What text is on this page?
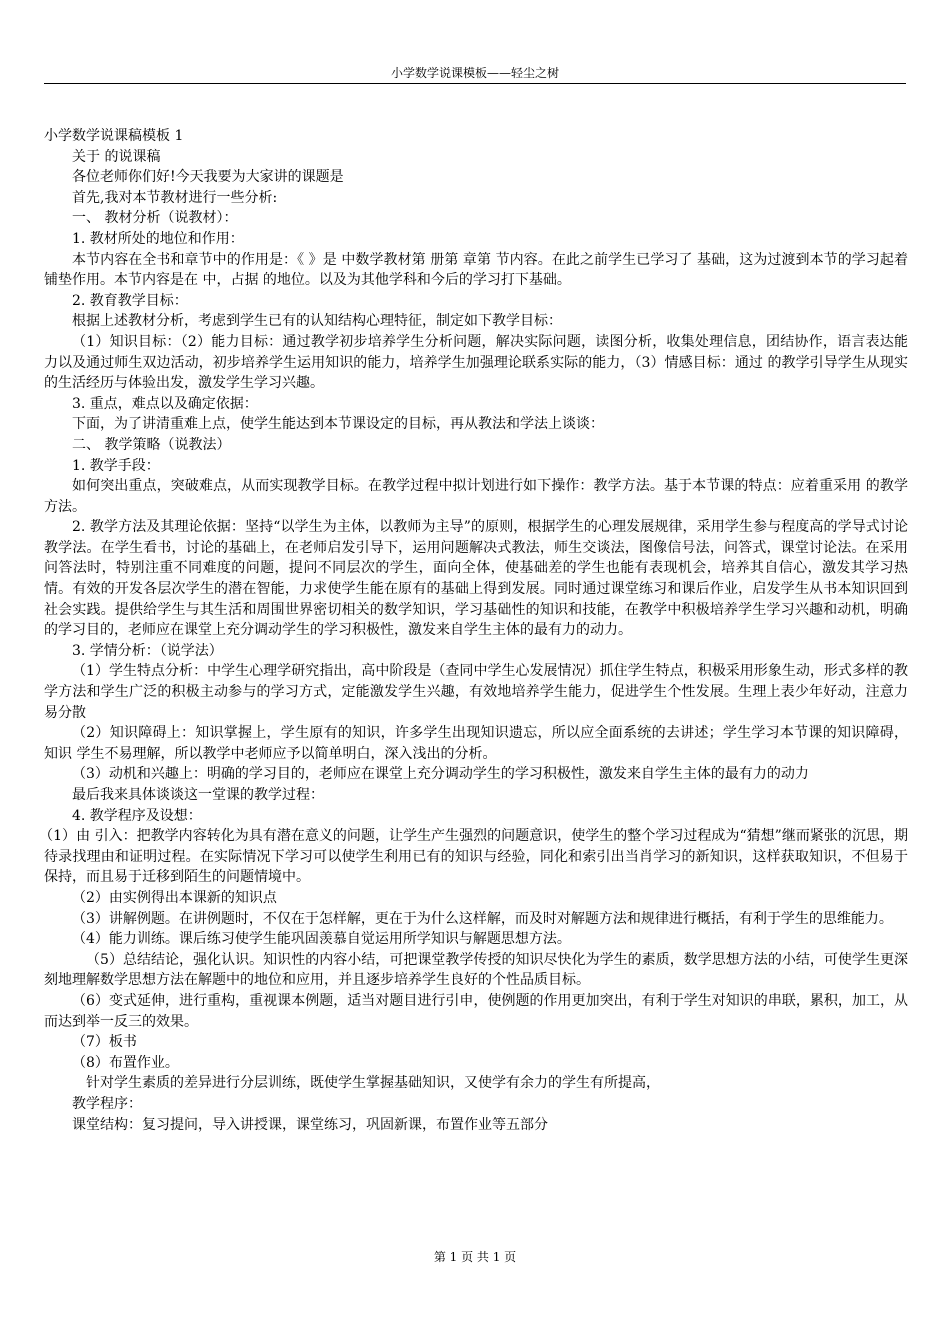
小学数学说课模板——轻尘之树

小学数学说课稿模板 1

关于 的说课稿

各位老师你们好!今天我要为大家讲的课题是

首先,我对本节教材进行一些分析:

一、 教材分析（说教材）：

1. 教材所处的地位和作用：

本节内容在全书和章节中的作用是：《 》是 中数学教材第 册第 章第 节内容。在此之前学生已学习了 基础，这为过渡到本节的学习起着铺垫作用。本节内容是在 中，占据 的地位。以及为其他学科和今后的学习打下基础。

2. 教育教学目标：

根据上述教材分析，考虑到学生已有的认知结构心理特征，制定如下教学目标：

（1）知识目标：（2）能力目标：通过教学初步培养学生分析问题，解决实际问题，读图分析，收集处理信息，团结协作，语言表达能力以及通过师生双边活动，初步培养学生运用知识的能力，培养学生加强理论联系实际的能力，（3）情感目标：通过 的教学引导学生从现实的生活经历与体验出发，激发学生学习兴趣。

3. 重点，难点以及确定依据：

下面，为了讲清重难上点，使学生能达到本节课设定的目标，再从教法和学法上谈谈：

二、 教学策略（说教法）

1. 教学手段：

如何突出重点，突破难点，从而实现教学目标。在教学过程中拟计划进行如下操作：教学方法。基于本节课的特点：应着重采用 的教学方法。

2. 教学方法及其理论依据：坚持“以学生为主体，以教师为主导”的原则，根据学生的心理发展规律，采用学生参与程度高的学导式讨论教学法。在学生看书，讨论的基础上，在老师启发引导下，运用问题解决式教法，师生交谈法，图像信号法，问答式，课堂讨论法。在采用问答法时，特别注重不同难度的问题，提问不同层次的学生，面向全体，使基础差的学生也能有表现机会，培养其自信心，激发其学习热情。有效的开发各层次学生的潜在智能，力求使学生能在原有的基础上得到发展。同时通过课堂练习和课后作业，启发学生从书本知识回到社会实践。提供给学生与其生活和周围世界密切相关的数学知识，学习基础性的知识和技能，在教学中积极培养学生学习兴趣和动机，明确的学习目的，老师应在课堂上充分调动学生的学习积极性，激发来自学生主体的最有力的动力。

3. 学情分析：（说学法）

（1）学生特点分析：中学生心理学研究指出，高中阶段是（查同中学生心发展情况）抓住学生特点，积极采用形象生动，形式多样的教学方法和学生广泛的积极主动参与的学习方式，定能激发学生兴趣，有效地培养学生能力，促进学生个性发展。生理上表少年好动，注意力易分散

（2）知识障碍上：知识掌握上，学生原有的知识，许多学生出现知识遗忘，所以应全面系统的去讲述；学生学习本节课的知识障碍， 知识 学生不易理解，所以教学中老师应予以简单明白，深入浅出的分析。

（3）动机和兴趣上：明确的学习目的，老师应在课堂上充分调动学生的学习积极性，激发来自学生主体的最有力的动力

最后我来具体谈谈这一堂课的教学过程：

4. 教学程序及设想：

（1）由 引入：把教学内容转化为具有潜在意义的问题，让学生产生强烈的问题意识，使学生的整个学习过程成为“猜想”继而紧张的沉思，期待录找理由和证明过程。在实际情况下学习可以使学生利用已有的知识与经验，同化和索引出当肖学习的新知识，这样获取知识，不但易于保持，而且易于迁移到陌生的问题情境中。

（2）由实例得出本课新的知识点

（3）讲解例题。在讲例题时，不仅在于怎样解，更在于为什么这样解，而及时对解题方法和规律进行概括，有利于学生的思维能力。

（4）能力训练。课后练习使学生能巩固羡慕自觉运用所学知识与解题思想方法。

（5）总结结论，强化认识。知识性的内容小结，可把课堂教学传授的知识尽快化为学生的素质，数学思想方法的小结，可使学生更深刻地理解数学思想方法在解题中的地位和应用，并且逐步培养学生良好的个性品质目标。

（6）变式延伸，进行重构，重视课本例题，适当对题目进行引申，使例题的作用更加突出，有利于学生对知识的串联，累积，加工，从而达到举一反三的效果。

（7）板书

（8）布置作业。

针对学生素质的差异进行分层训练，既使学生掌握基础知识，又使学有余力的学生有所提高，

教学程序：

课堂结构：复习提问，导入讲授课，课堂练习，巩固新课，布置作业等五部分

第 1 页 共 1 页
